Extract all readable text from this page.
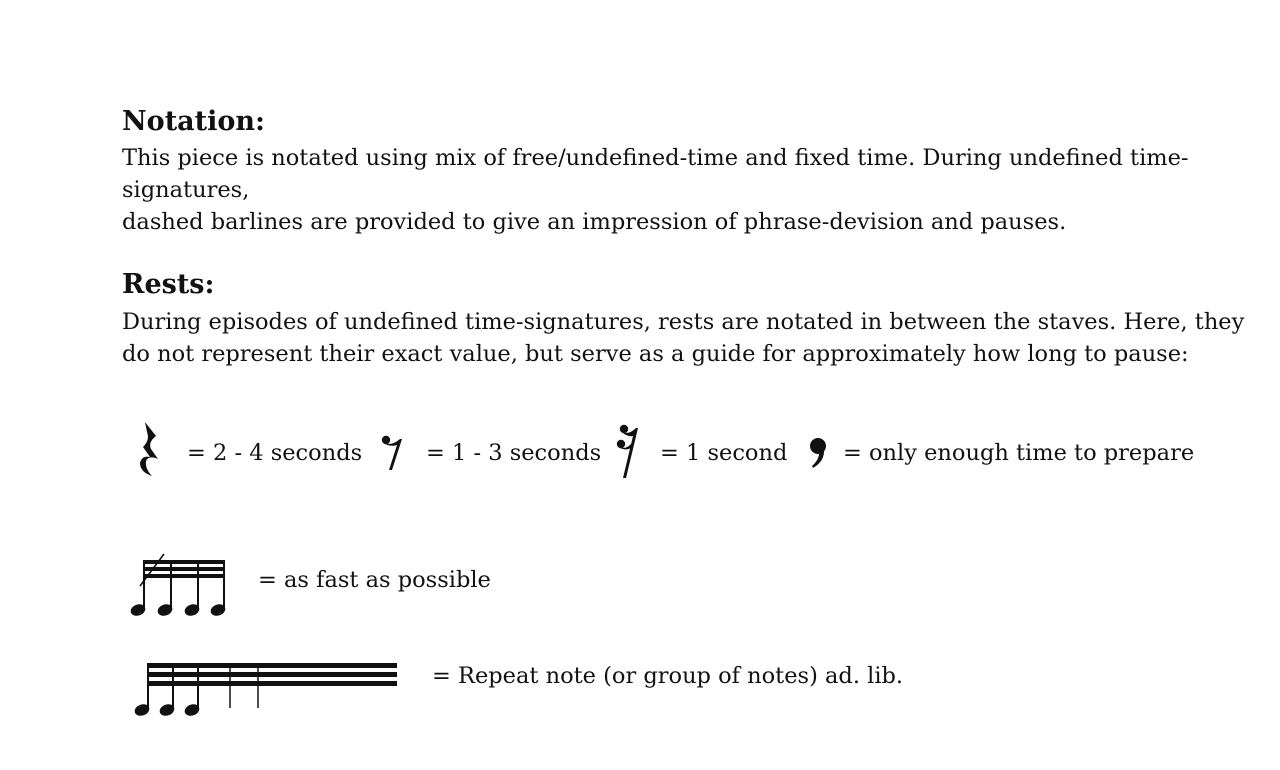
Notation:

This piece is notated using mix of free/undefined-time and fixed time. During undefined time-
signatures,
dashed barlines are provided to give an impression of phrase-devision and pauses.

Rests:

During episodes of undefined time-signatures, rests are notated in between the staves. Here, they
do not represent their exact value, but serve as a guide for approximately how long to pause:

= 2 - 4 seconds	= 1 - 3 seconds	= 1 second = only enough time to prepare
= as fast as possible
= Repeat note (or group of notes) ad. lib.
